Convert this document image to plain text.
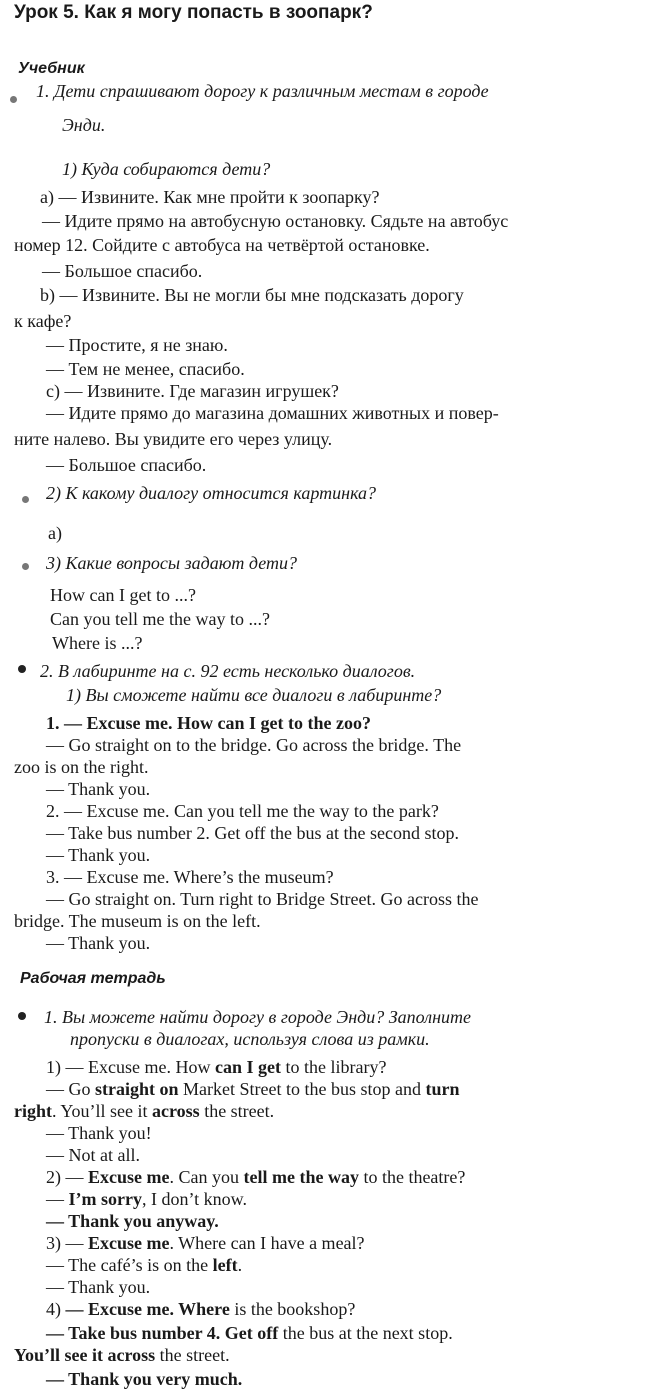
Урок 5. Как я могу попасть в зоопарк?
Учебник
1. Дети спрашивают дорогу к различным местам в городе
Энди.
1) Куда собираются дети?
a) — Извините. Как мне пройти к зоопарку?
— Идите прямо на автобусную остановку. Сядьте на автобус
номер 12. Сойдите с автобуса на четвёртой остановке.
— Большое спасибо.
b) — Извините. Вы не могли бы мне подсказать дорогу
к кафе?
— Простите, я не знаю.
— Тем не менее, спасибо.
c) — Извините. Где магазин игрушек?
— Идите прямо до магазина домашних животных и повер-
ните налево. Вы увидите его через улицу.
— Большое спасибо.
2) К какому диалогу относится картинка?
a)
3) Какие вопросы задают дети?
How can I get to ...?
Can you tell me the way to ...?
Where is ...?
2. В лабиринте на с. 92 есть несколько диалогов.
1) Вы сможете найти все диалоги в лабиринте?
1. — Excuse me. How can I get to the zoo?
— Go straight on to the bridge. Go across the bridge. The
zoo is on the right.
— Thank you.
2. — Excuse me. Can you tell me the way to the park?
— Take bus number 2. Get off the bus at the second stop.
— Thank you.
3. — Excuse me. Where’s the museum?
— Go straight on. Turn right to Bridge Street. Go across the
bridge. The museum is on the left.
— Thank you.
Рабочая тетрадь
1. Вы можете найти дорогу в городе Энди? Заполните
пропуски в диалогах, используя слова из рамки.
1) — Excuse me. How can I get to the library?
— Go straight on Market Street to the bus stop and turn
right. You’ll see it across the street.
— Thank you!
— Not at all.
2) — Excuse me. Can you tell me the way to the theatre?
— I’m sorry, I don’t know.
— Thank you anyway.
3) — Excuse me. Where can I have a meal?
— The café’s is on the left.
— Thank you.
4) — Excuse me. Where is the bookshop?
— Take bus number 4. Get off the bus at the next stop.
You’ll see it across the street.
— Thank you very much.
